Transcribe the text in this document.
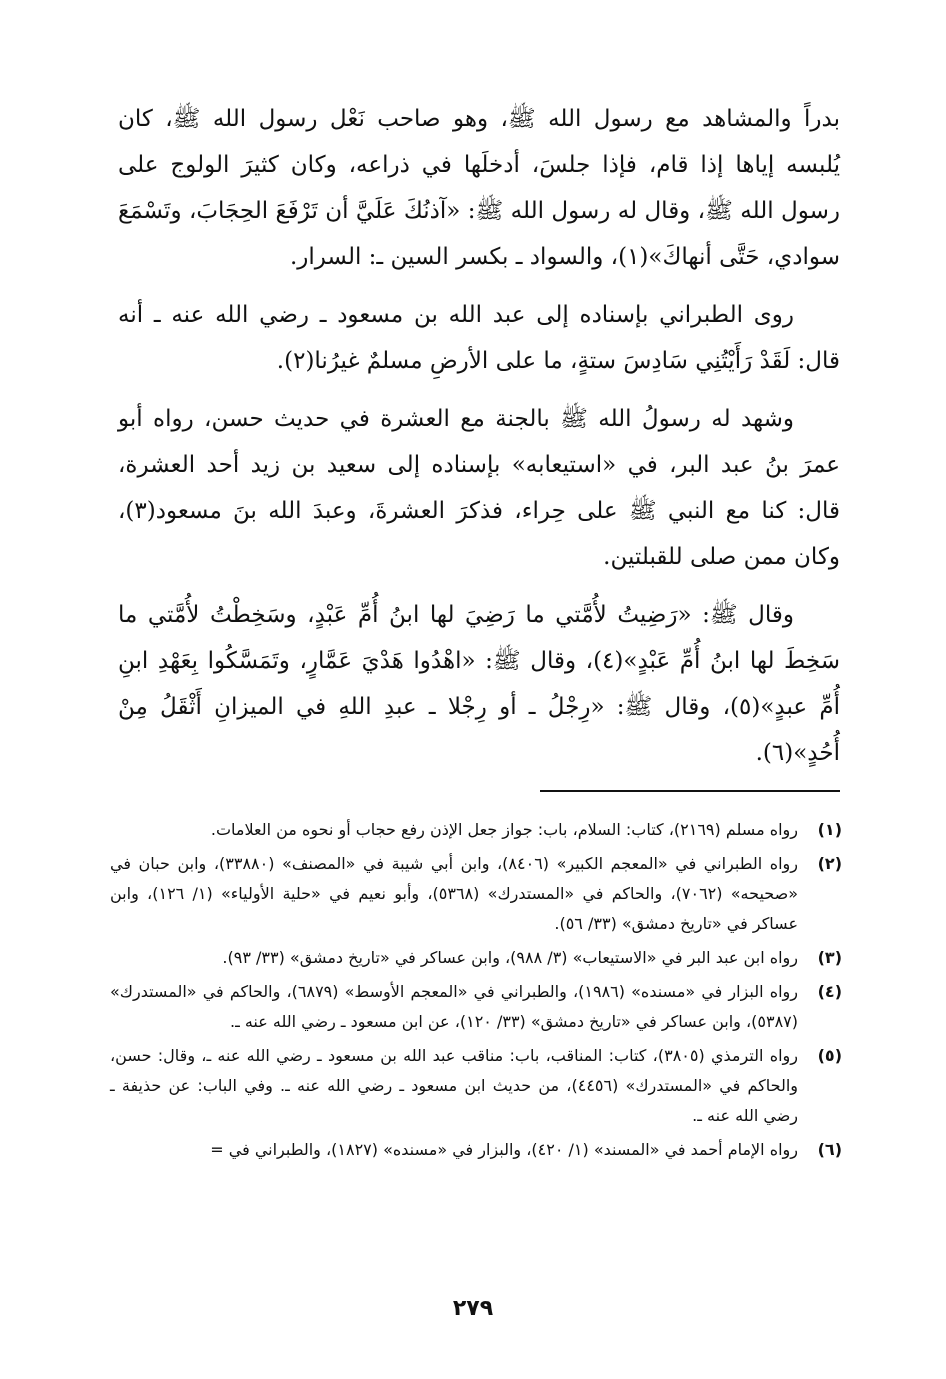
بدراً والمشاهد مع رسول الله ﷺ، وهو صاحب نَعْل رسول الله ﷺ، كان يُلبسه إياها إذا قام، فإذا جلسَ، أدخلَها في ذراعه، وكان كثيرَ الولوج على رسول الله ﷺ، وقال له رسول الله ﷺ: «آذنُكَ عَلَيَّ أن تَرْفَعَ الحِجَابَ، وتَسْمَعَ سوادي، حَتَّى أنهاكَ»(١)، والسواد ـ بكسر السين ـ: السرار.

روى الطبراني بإسناده إلى عبد الله بن مسعود ـ رضي الله عنه ـ أنه قال: لَقَدْ رَأَيْتُنِي سَادِسَ ستةٍ، ما على الأرضِ مسلمٌ غيرُنا(٢).

وشهد له رسولُ الله ﷺ بالجنة مع العشرة في حديث حسن، رواه أبو عمرَ بنُ عبد البر، في «استيعابه» بإسناده إلى سعيد بن زيد أحد العشرة، قال: كنا مع النبي ﷺ على حِراء، فذكرَ العشرةَ، وعبدَ الله بنَ مسعود(٣)، وكان ممن صلى للقبلتين.

وقال ﷺ: «رَضِيتُ لأُمَّتي ما رَضِيَ لها ابنُ أُمِّ عَبْدٍ، وسَخِطْتُ لأُمَّتي ما سَخِطَ لها ابنُ أُمِّ عَبْدٍ»(٤)، وقال ﷺ: «اهْدُوا هَدْيَ عَمَّارٍ، وتَمَسَّكُوا بِعَهْدِ ابنِ أُمِّ عبدٍ»(٥)، وقال ﷺ: «رِجْلُ ـ أو رِجْلا ـ عبدِ اللهِ في الميزانِ أَثْقَلُ مِنْ أُحُدٍ»(٦).

(١)
رواه مسلم (٢١٦٩)، كتاب: السلام، باب: جواز جعل الإذن رفع حجاب أو نحوه من العلامات.
(٢)
رواه الطبراني في «المعجم الكبير» (٨٤٠٦)، وابن أبي شيبة في «المصنف» (٣٣٨٨٠)، وابن حبان في «صحيحه» (٧٠٦٢)، والحاكم في «المستدرك» (٥٣٦٨)، وأبو نعيم في «حلية الأولياء» (١/ ١٢٦)، وابن عساكر في «تاريخ دمشق» (٣٣/ ٥٦).
(٣)
رواه ابن عبد البر في «الاستيعاب» (٣/ ٩٨٨)، وابن عساكر في «تاريخ دمشق» (٣٣/ ٩٣).
(٤)
رواه البزار في «مسنده» (١٩٨٦)، والطبراني في «المعجم الأوسط» (٦٨٧٩)، والحاكم في «المستدرك» (٥٣٨٧)، وابن عساكر في «تاريخ دمشق» (٣٣/ ١٢٠)، عن ابن مسعود ـ رضي الله عنه ـ.
(٥)
رواه الترمذي (٣٨٠٥)، كتاب: المناقب، باب: مناقب عبد الله بن مسعود ـ رضي الله عنه ـ، وقال: حسن، والحاكم في «المستدرك» (٤٤٥٦)، من حديث ابن مسعود ـ رضي الله عنه ـ. وفي الباب: عن حذيفة ـ رضي الله عنه ـ.
(٦)
رواه الإمام أحمد في «المسند» (١/ ٤٢٠)، والبزار في «مسنده» (١٨٢٧)، والطبراني في =
٢٧٩
